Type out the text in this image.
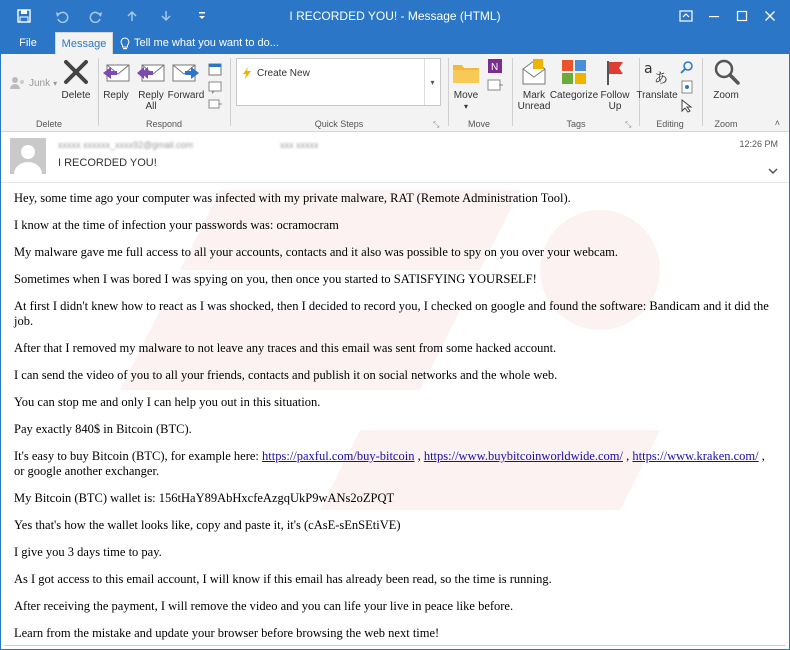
I RECORDED YOU! - Message (HTML)
File	Message	Tell me what you want to do...
Junk ▾
Delete
Delete
Reply Reply All
Forward
Respond
Create New
▾
Quick Steps	⤡
Move
▾
N
Move
Mark Unread
Categorize Follow Up
Tags	⤡
a
あ
Translate
Editing
Zoom
Zoom	˄
xxxxx xxxxxx_xxxx92@gmail.com	xxx xxxxx
I RECORDED YOU!
12:26 PM

Hey, some time ago your computer was infected with my private malware, RAT (Remote Administration Tool).

I know at the time of infection your passwords was: ocramocram

My malware gave me full access to all your accounts, contacts and it also was possible to spy on you over your webcam.

Sometimes when I was bored I was spying on you, then once you started to SATISFYING YOURSELF!

At first I didn't knew how to react as I was shocked, then I decided to record you, I checked on google and found the software: Bandicam and it did the job.

After that I removed my malware to not leave any traces and this email was sent from some hacked account.

I can send the video of you to all your friends, contacts and publish it on social networks and the whole web.

You can stop me and only I can help you out in this situation.

Pay exactly 840$ in Bitcoin (BTC).

It's easy to buy Bitcoin (BTC), for example here: https://paxful.com/buy-bitcoin , https://www.buybitcoinworldwide.com/ , https://www.kraken.com/ , or google another exchanger.

My Bitcoin (BTC) wallet is: 156tHaY89AbHxcfeAzgqUkP9wANs2oZPQT

Yes that's how the wallet looks like, copy and paste it, it's (cAsE-sEnSEtiVE)

I give you 3 days time to pay.

As I got access to this email account, I will know if this email has already been read, so the time is running.

After receiving the payment, I will remove the video and you can life your live in peace like before.

Learn from the mistake and update your browser before browsing the web next time!
